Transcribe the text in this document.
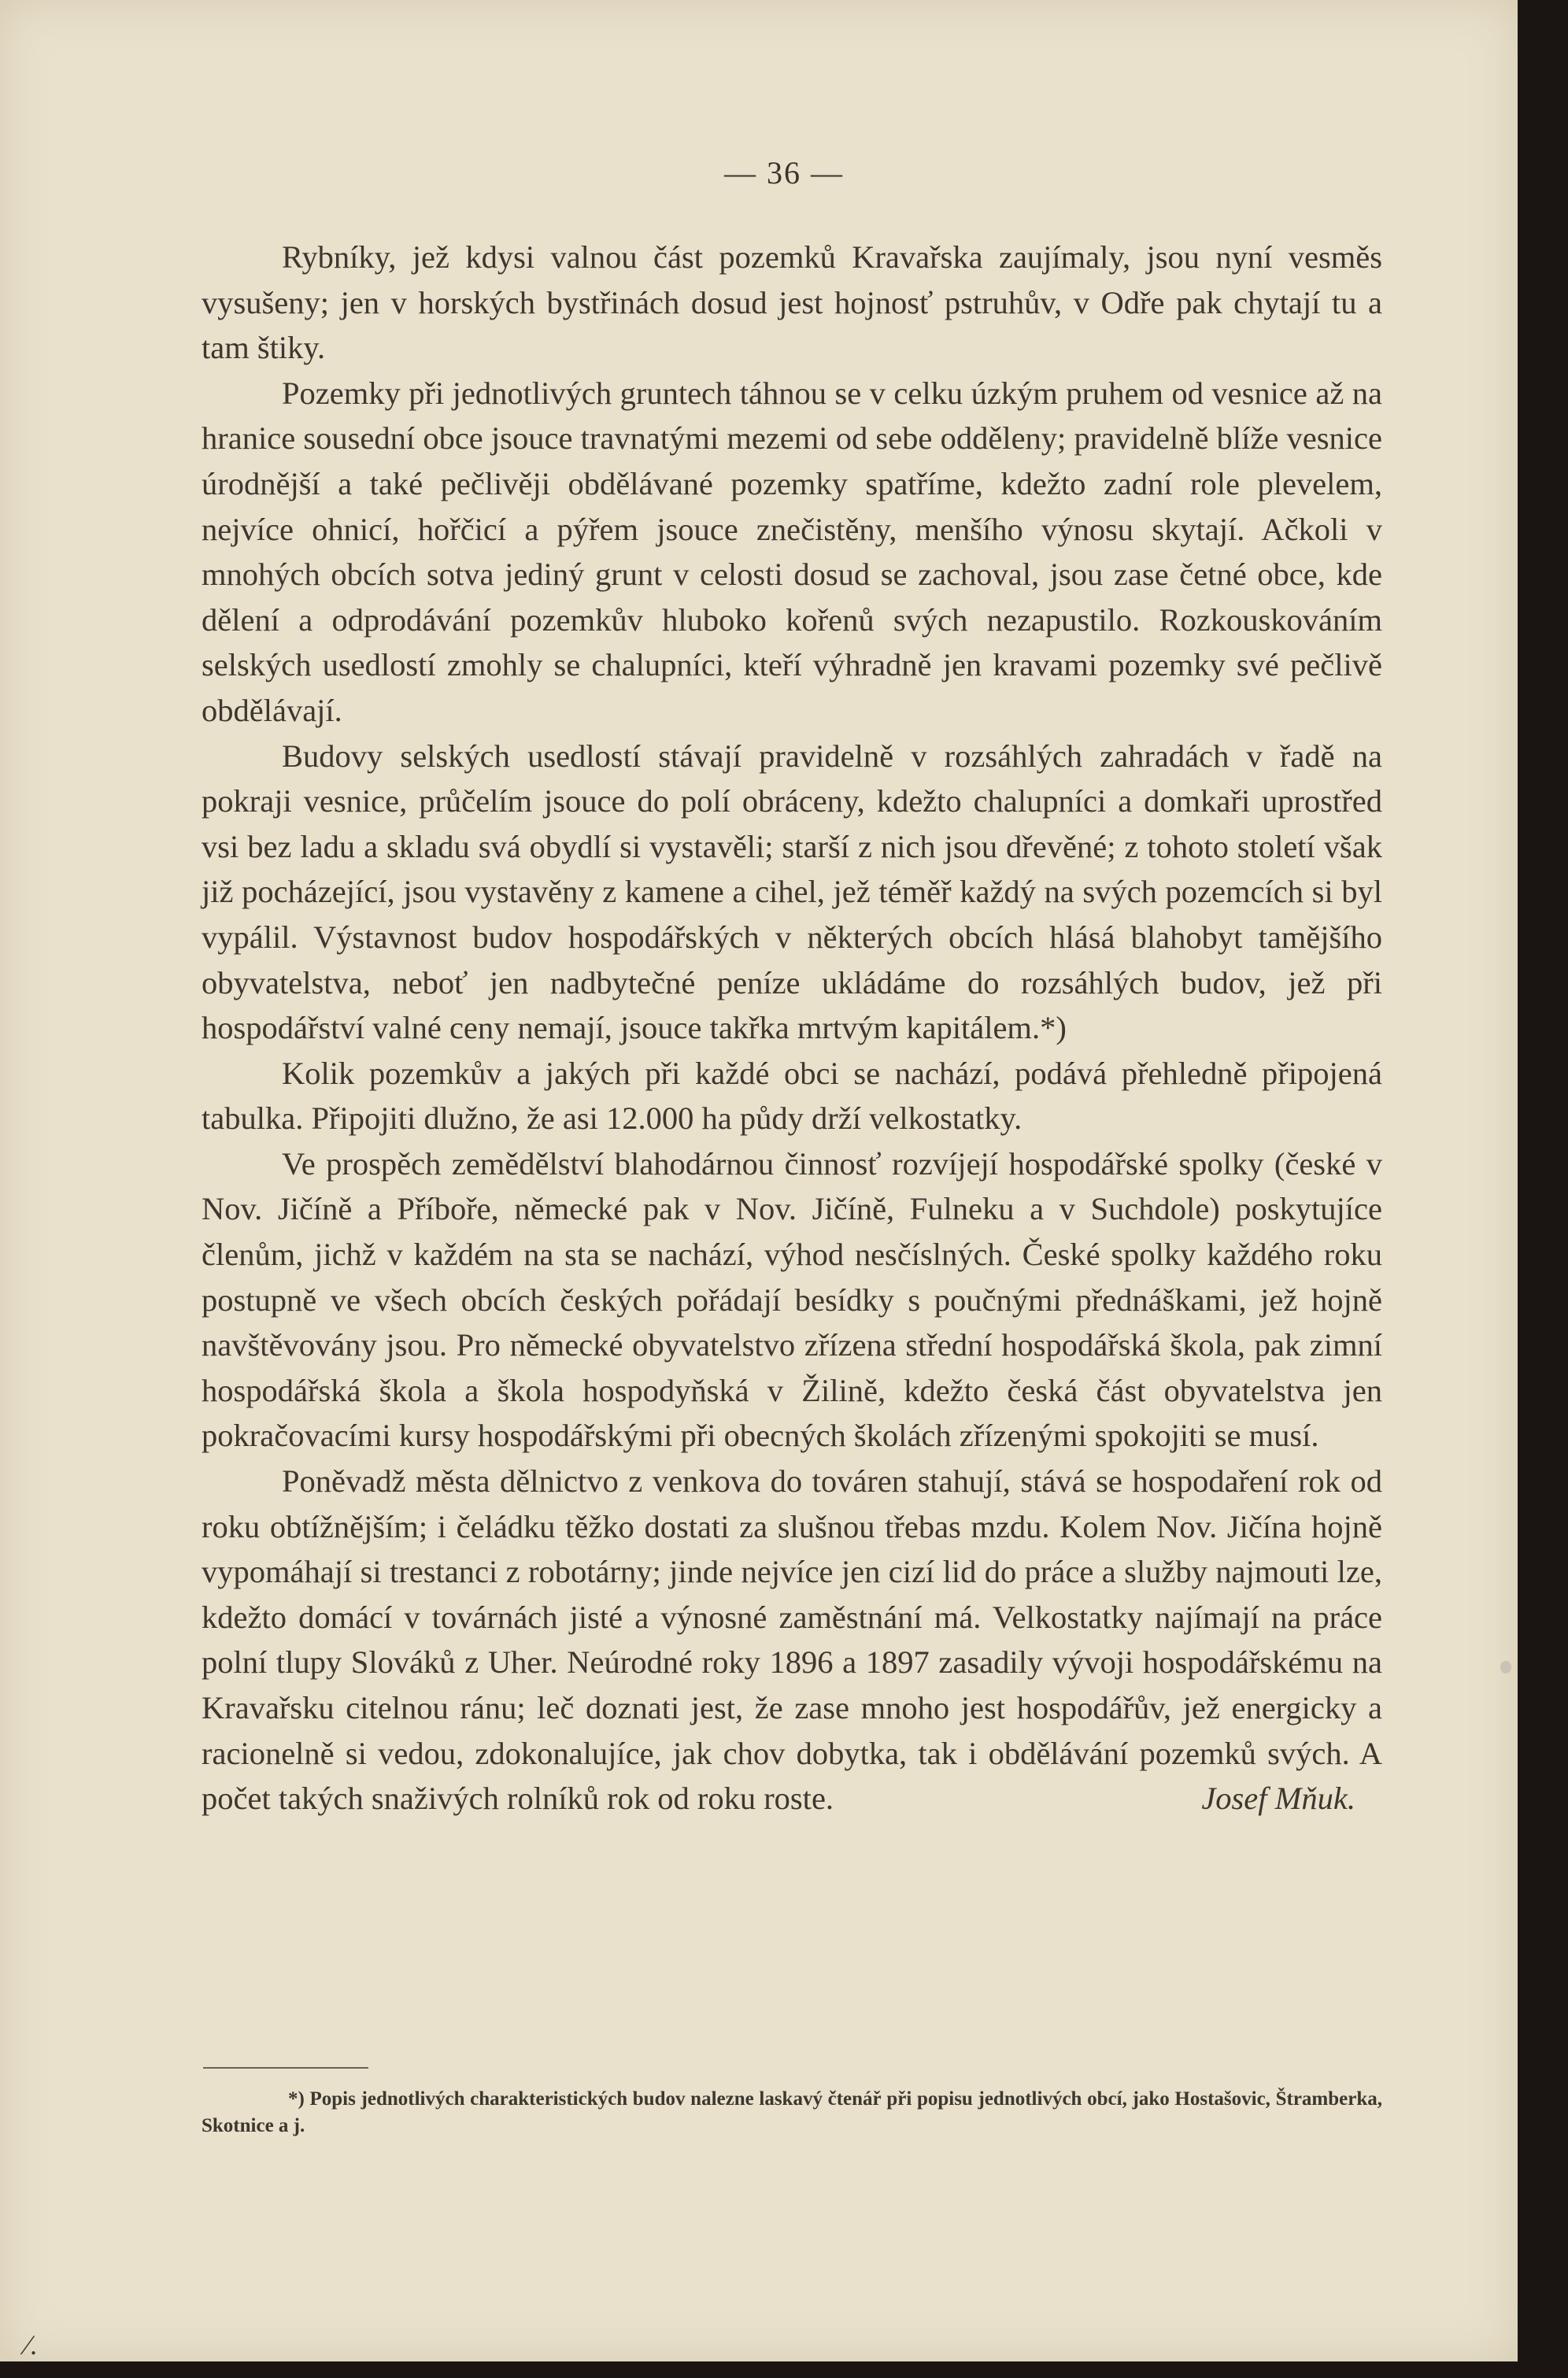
— 36 —

Rybníky, jež kdysi valnou část pozemků Kravařska zaujímaly, jsou nyní vesměs vysušeny; jen v horských bystřinách dosud jest hojnosť pstruhův, v Odře pak chytají tu a tam štiky.

Pozemky při jednotlivých gruntech táhnou se v celku úzkým pruhem od vesnice až na hranice sousední obce jsouce travnatými mezemi od sebe odděleny; pravidelně blíže vesnice úrodnější a také pečlivěji obdělávané pozemky spatříme, kdežto zadní role plevelem, nejvíce ohnicí, hořčicí a pýřem jsouce znečistěny, menšího výnosu skytají. Ačkoli v mnohých obcích sotva jediný grunt v celosti dosud se zachoval, jsou zase četné obce, kde dělení a odprodávání pozemkův hluboko kořenů svých nezapustilo. Rozkouskováním selských usedlostí zmohly se chalupníci, kteří výhradně jen kravami pozemky své pečlivě obdělávají.

Budovy selských usedlostí stávají pravidelně v rozsáhlých zahradách v řadě na pokraji vesnice, průčelím jsouce do polí obráceny, kdežto chalupníci a domkaři uprostřed vsi bez ladu a skladu svá obydlí si vystavěli; starší z nich jsou dřevěné; z tohoto století však již pocházející, jsou vystavěny z kamene a cihel, jež téměř každý na svých pozemcích si byl vypálil. Výstavnost budov hospodářských v některých obcích hlásá blahobyt tamějšího obyvatelstva, neboť jen nadbytečné peníze ukládáme do rozsáhlých budov, jež při hospodářství valné ceny nemají, jsouce takřka mrtvým kapitálem.*)

Kolik pozemkův a jakých při každé obci se nachází, podává přehledně připojená tabulka. Připojiti dlužno, že asi 12.000 ha půdy drží velkostatky.

Ve prospěch zemědělství blahodárnou činnosť rozvíjejí hospodářské spolky (české v Nov. Jičíně a Příboře, německé pak v Nov. Jičíně, Fulneku a v Suchdole) poskytujíce členům, jichž v každém na sta se nachází, výhod nesčíslných. České spolky každého roku postupně ve všech obcích českých pořádají besídky s poučnými přednáškami, jež hojně navštěvovány jsou. Pro německé obyvatelstvo zřízena střední hospodářská škola, pak zimní hospodářská škola a škola hospodyňská v Žilině, kdežto česká část obyvatelstva jen pokračovacími kursy hospodářskými při obecných školách zřízenými spokojiti se musí.

Poněvadž města dělnictvo z venkova do továren stahují, stává se hospodaření rok od roku obtížnějším; i čeládku těžko dostati za slušnou třebas mzdu. Kolem Nov. Jičína hojně vypomáhají si trestanci z robotárny; jinde nejvíce jen cizí lid do práce a služby najmouti lze, kdežto domácí v továrnách jisté a výnosné zaměstnání má. Velkostatky najímají na práce polní tlupy Slováků z Uher. Neúrodné roky 1896 a 1897 zasadily vývoji hospodářskému na Kravařsku citelnou ránu; leč doznati jest, že zase mnoho jest hospodářův, jež energicky a racionelně si vedou, zdokonalujíce, jak chov dobytka, tak i obdělávání pozemků svých. A počet takých snaživých rolníků rok od roku roste.	Josef Mňuk.

*) Popis jednotlivých charakteristických budov nalezne laskavý čtenář při popisu jednotlivých obcí, jako Hostašovic, Štramberka, Skotnice a j.
⁄.
